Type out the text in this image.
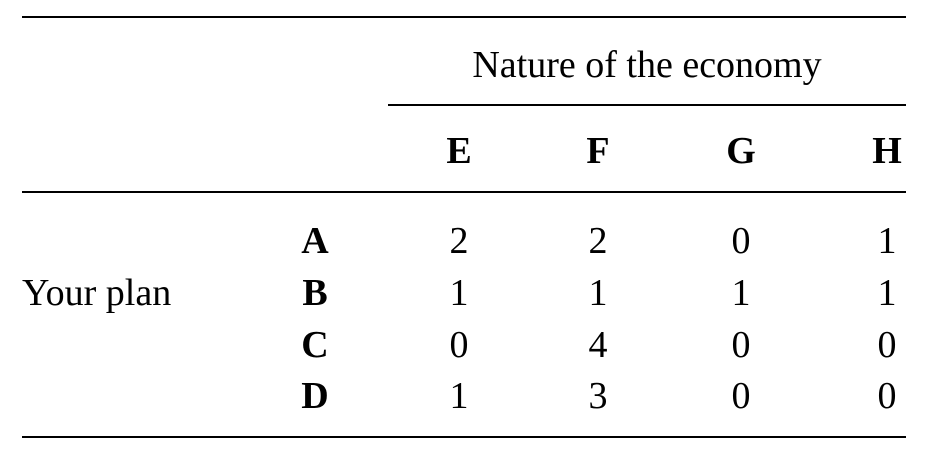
Nature of the economy
E	F	G	H
Your plan
A	2	2	0	1
B	1	1	1	1
C	0	4	0	0
D	1	3	0	0
